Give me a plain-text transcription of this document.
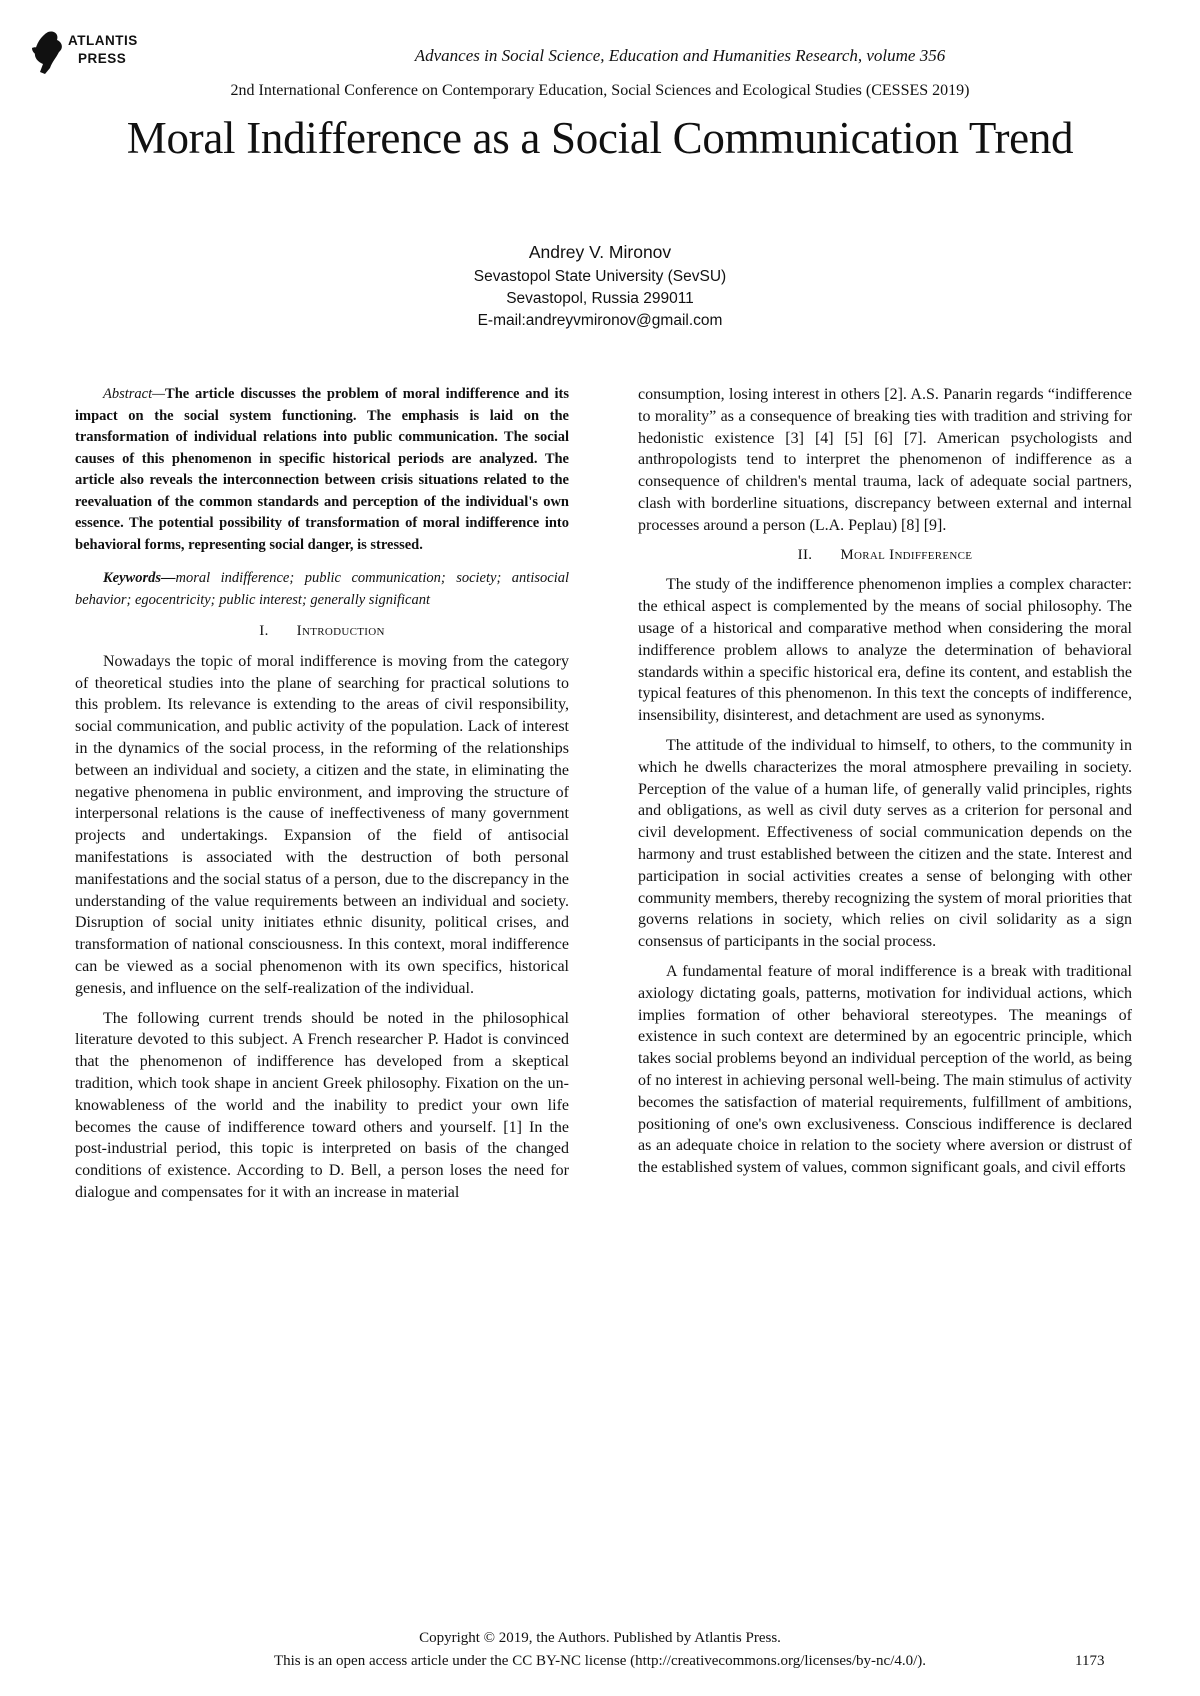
ATLANTIS
PRESS	Advances in Social Science, Education and Humanities Research, volume 356
2nd International Conference on Contemporary Education, Social Sciences and Ecological Studies (CESSES 2019)
Moral Indifference as a Social Communication Trend
Andrey V. Mironov
Sevastopol State University (SevSU)
Sevastopol, Russia 299011
E-mail:andreyvmironov@gmail.com
Abstract—The article discusses the problem of moral indifference and its impact on the social system functioning. The emphasis is laid on the transformation of individual relations into public communication. The social causes of this phenomenon in specific historical periods are analyzed. The article also reveals the interconnection between crisis situations related to the reevaluation of the common standards and perception of the individual's own essence. The potential possibility of transformation of moral indifference into behavioral forms, representing social danger, is stressed.
Keywords—moral indifference; public communication; society; antisocial behavior; egocentricity; public interest; generally significant
I. Introduction

Nowadays the topic of moral indifference is moving from the category of theoretical studies into the plane of searching for practical solutions to this problem. Its relevance is extending to the areas of civil responsibility, social communication, and public activity of the population. Lack of interest in the dynamics of the social process, in the reforming of the relationships between an individual and society, a citizen and the state, in eliminating the negative phenomena in public environment, and improving the structure of interpersonal relations is the cause of ineffectiveness of many government projects and undertakings. Expansion of the field of antisocial manifestations is associated with the destruction of both personal manifestations and the social status of a person, due to the discrepancy in the understanding of the value requirements between an individual and society. Disruption of social unity initiates ethnic disunity, political crises, and transformation of national consciousness. In this context, moral indifference can be viewed as a social phenomenon with its own specifics, historical genesis, and influence on the self-realization of the individual.

The following current trends should be noted in the philosophical literature devoted to this subject. A French researcher P. Hadot is convinced that the phenomenon of indifference has developed from a skeptical tradition, which took shape in ancient Greek philosophy. Fixation on the un-knowableness of the world and the inability to predict your own life becomes the cause of indifference toward others and yourself. [1] In the post-industrial period, this topic is interpreted on basis of the changed conditions of existence. According to D. Bell, a person loses the need for dialogue and compensates for it with an increase in material

consumption, losing interest in others [2]. A.S. Panarin regards “indifference to morality” as a consequence of breaking ties with tradition and striving for hedonistic existence [3] [4] [5] [6] [7]. American psychologists and anthropologists tend to interpret the phenomenon of indifference as a consequence of children's mental trauma, lack of adequate social partners, clash with borderline situations, discrepancy between external and internal processes around a person (L.A. Peplau) [8] [9].

II. Moral Indifference

The study of the indifference phenomenon implies a complex character: the ethical aspect is complemented by the means of social philosophy. The usage of a historical and comparative method when considering the moral indifference problem allows to analyze the determination of behavioral standards within a specific historical era, define its content, and establish the typical features of this phenomenon. In this text the concepts of indifference, insensibility, disinterest, and detachment are used as synonyms.

The attitude of the individual to himself, to others, to the community in which he dwells characterizes the moral atmosphere prevailing in society. Perception of the value of a human life, of generally valid principles, rights and obligations, as well as civil duty serves as a criterion for personal and civil development. Effectiveness of social communication depends on the harmony and trust established between the citizen and the state. Interest and participation in social activities creates a sense of belonging with other community members, thereby recognizing the system of moral priorities that governs relations in society, which relies on civil solidarity as a sign consensus of participants in the social process.

A fundamental feature of moral indifference is a break with traditional axiology dictating goals, patterns, motivation for individual actions, which implies formation of other behavioral stereotypes. The meanings of existence in such context are determined by an egocentric principle, which takes social problems beyond an individual perception of the world, as being of no interest in achieving personal well-being. The main stimulus of activity becomes the satisfaction of material requirements, fulfillment of ambitions, positioning of one's own exclusiveness. Conscious indifference is declared as an adequate choice in relation to the society where aversion or distrust of the established system of values, common significant goals, and civil efforts

Copyright © 2019, the Authors. Published by Atlantis Press.
This is an open access article under the CC BY-NC license (http://creativecommons.org/licenses/by-nc/4.0/).	1173
